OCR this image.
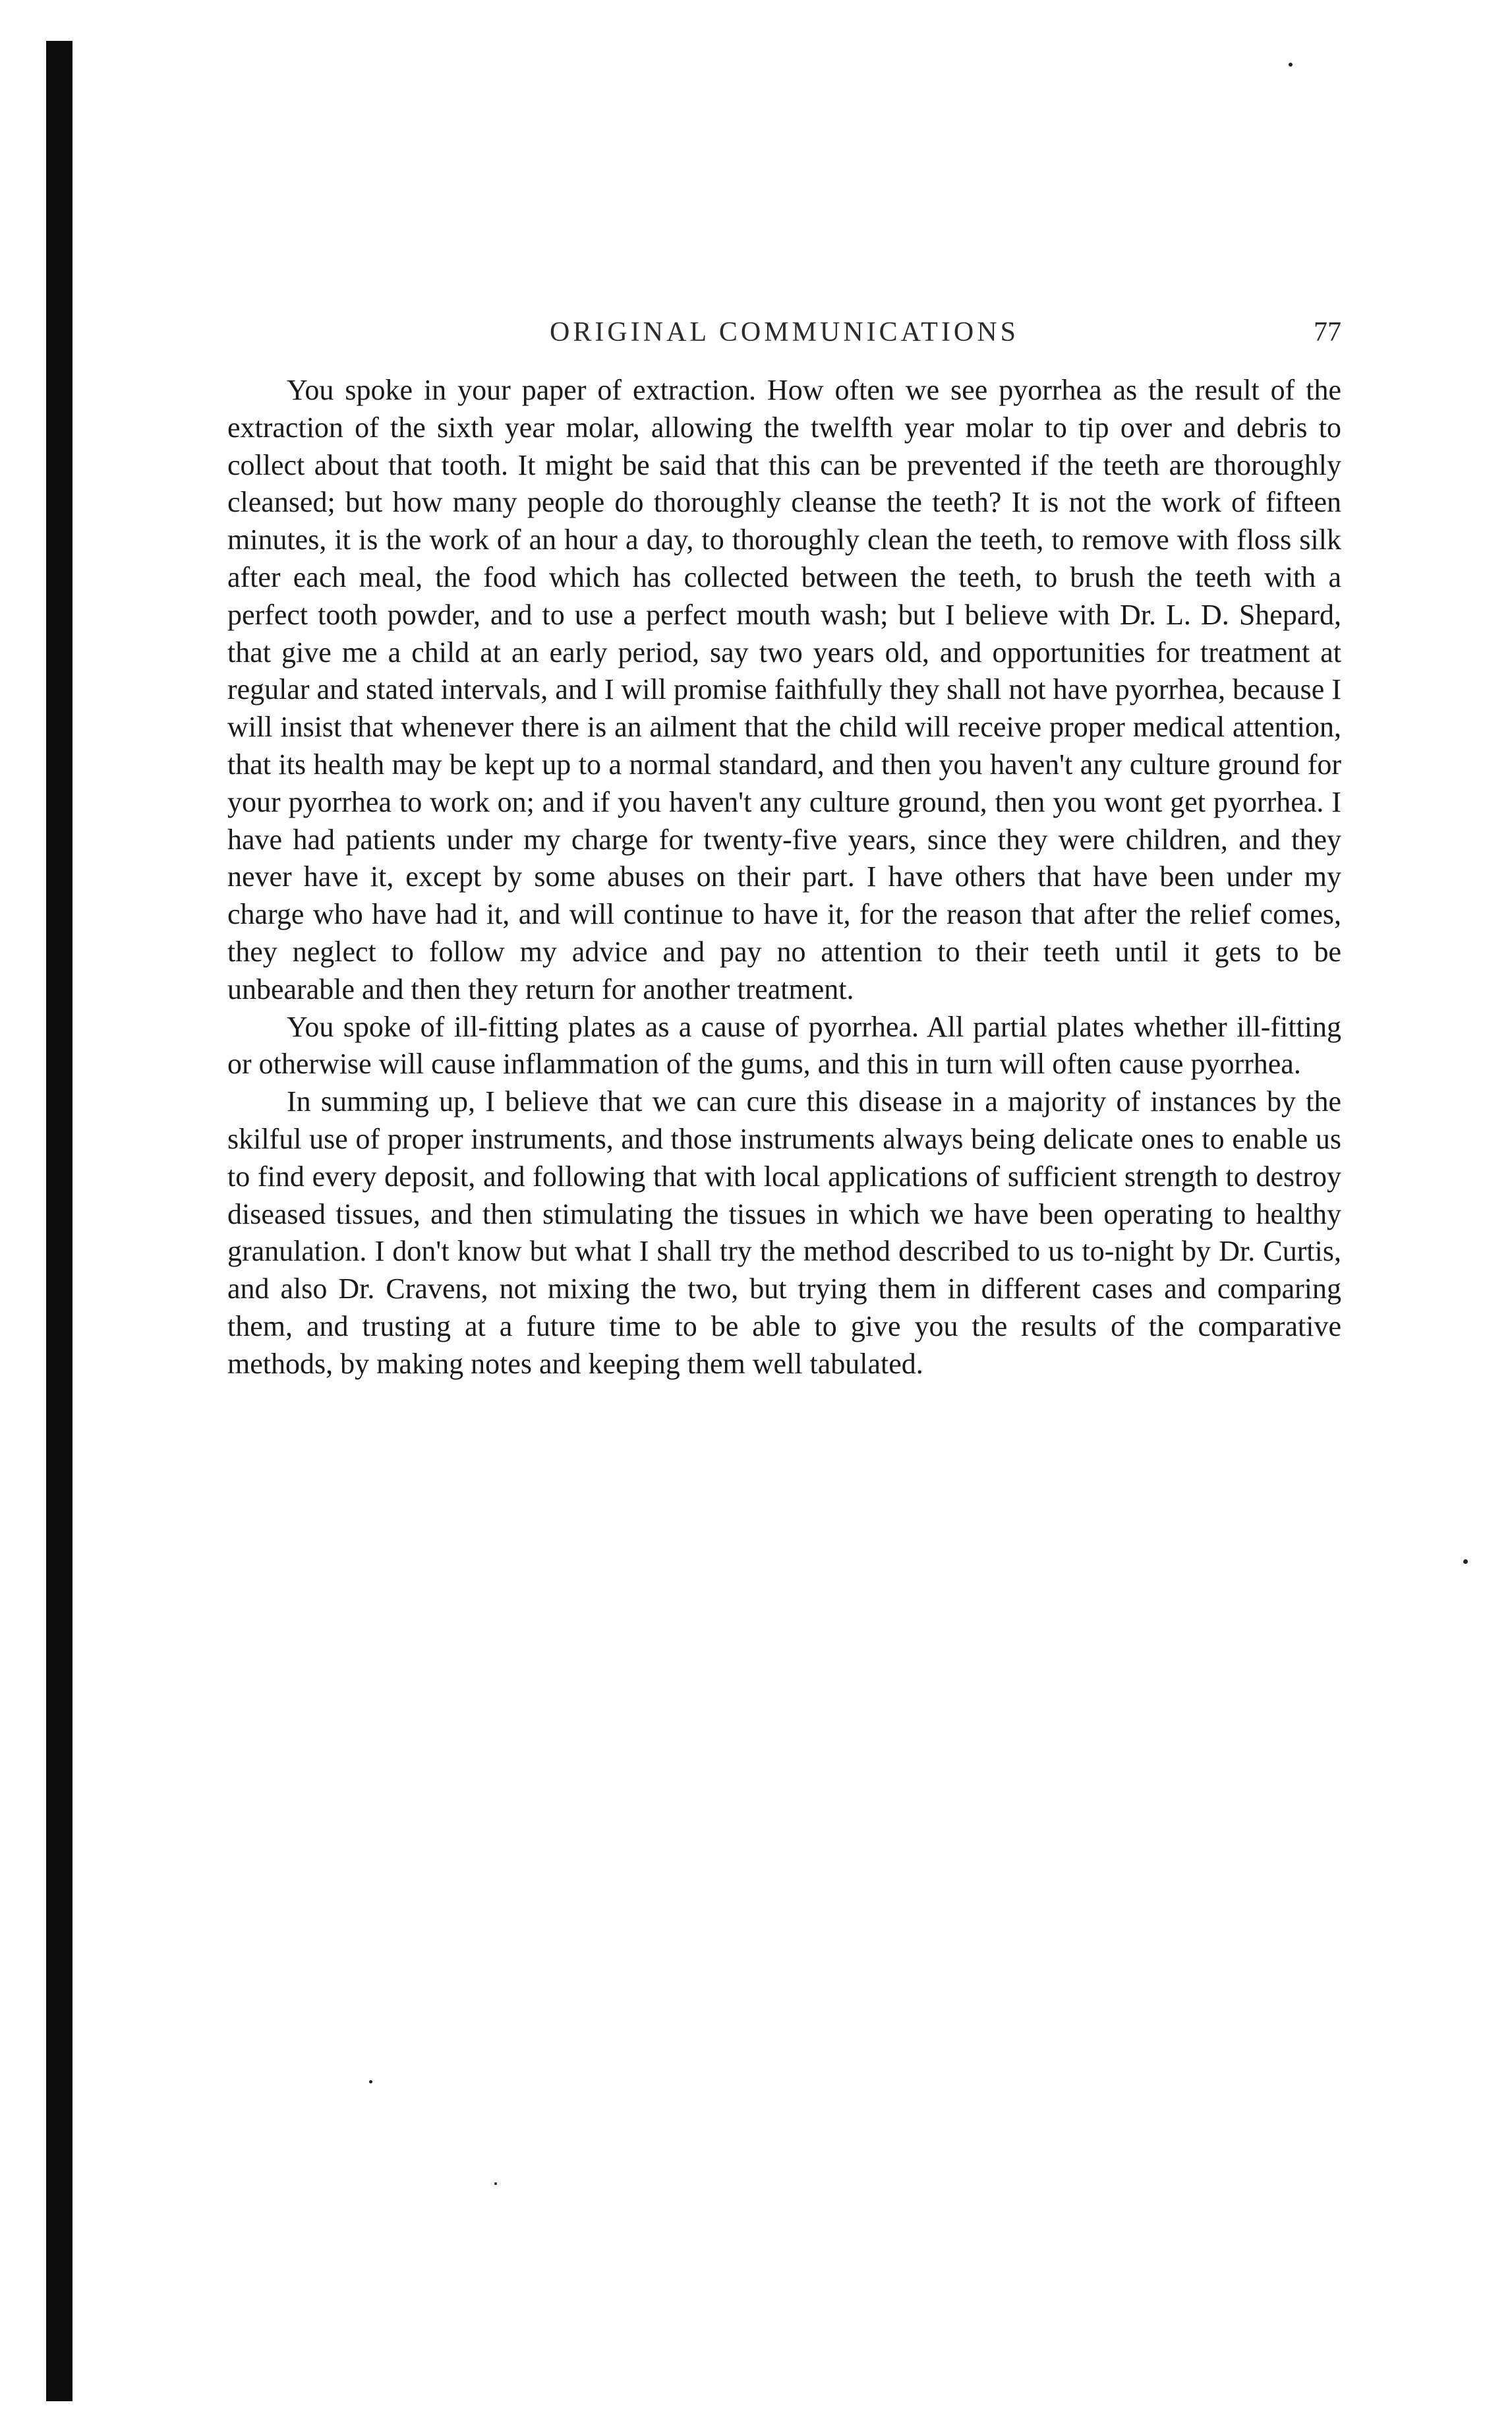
ORIGINAL COMMUNICATIONS	77

You spoke in your paper of extraction. How often we see pyorrhea as the result of the extraction of the sixth year molar, allowing the twelfth year molar to tip over and debris to collect about that tooth. It might be said that this can be prevented if the teeth are thoroughly cleansed; but how many people do thoroughly cleanse the teeth? It is not the work of fifteen minutes, it is the work of an hour a day, to thoroughly clean the teeth, to remove with floss silk after each meal, the food which has collected between the teeth, to brush the teeth with a perfect tooth powder, and to use a perfect mouth wash; but I believe with Dr. L. D. Shepard, that give me a child at an early period, say two years old, and opportunities for treatment at regular and stated intervals, and I will promise faithfully they shall not have pyorrhea, because I will insist that whenever there is an ailment that the child will receive proper medical attention, that its health may be kept up to a normal standard, and then you haven't any culture ground for your pyorrhea to work on; and if you haven't any culture ground, then you wont get pyorrhea. I have had patients under my charge for twenty-five years, since they were children, and they never have it, except by some abuses on their part. I have others that have been under my charge who have had it, and will continue to have it, for the reason that after the relief comes, they neglect to follow my advice and pay no attention to their teeth until it gets to be unbearable and then they return for another treatment.

You spoke of ill-fitting plates as a cause of pyorrhea. All partial plates whether ill-fitting or otherwise will cause inflammation of the gums, and this in turn will often cause pyorrhea.

In summing up, I believe that we can cure this disease in a majority of instances by the skilful use of proper instruments, and those instruments always being delicate ones to enable us to find every deposit, and following that with local applications of sufficient strength to destroy diseased tissues, and then stimulating the tissues in which we have been operating to healthy granulation. I don't know but what I shall try the method described to us to-night by Dr. Curtis, and also Dr. Cravens, not mixing the two, but trying them in different cases and comparing them, and trusting at a future time to be able to give you the results of the comparative methods, by making notes and keeping them well tabulated.
